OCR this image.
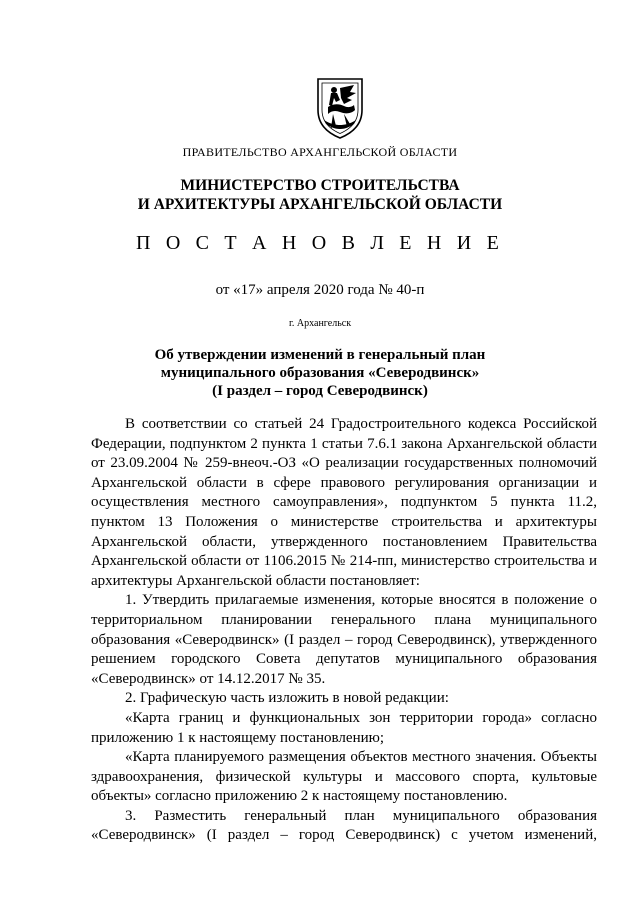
ПРАВИТЕЛЬСТВО АРХАНГЕЛЬСКОЙ ОБЛАСТИ
МИНИСТЕРСТВО СТРОИТЕЛЬСТВА
И АРХИТЕКТУРЫ АРХАНГЕЛЬСКОЙ ОБЛАСТИ
П О С Т А Н О В Л Е Н И Е
от «17» апреля 2020 года № 40-п
г. Архангельск
Об утверждении изменений в генеральный план
муниципального образования «Северодвинск»
(I раздел – город Северодвинск)

В соответствии со статьей 24 Градостроительного кодекса Российской Федерации, подпунктом 2 пункта 1 статьи 7.6.1 закона Архангельской области от 23.09.2004 № 259-внеоч.-ОЗ «О реализации государственных полномочий Архангельской области в сфере правового регулирования организации и осуществления местного самоуправления», подпунктом 5 пункта 11.2, пунктом 13 Положения о министерстве строительства и архитектуры Архангельской области, утвержденного постановлением Правительства Архангельской области от 1106.2015 № 214-пп, министерство строительства и архитектуры Архангельской области постановляет:

1. Утвердить прилагаемые изменения, которые вносятся в положение о территориальном планировании генерального плана муниципального образования «Северодвинск» (I раздел – город Северодвинск), утвержденного решением городского Совета депутатов муниципального образования «Северодвинск» от 14.12.2017 № 35.

2. Графическую часть изложить в новой редакции:

«Карта границ и функциональных зон территории города» согласно приложению 1 к настоящему постановлению;

«Карта планируемого размещения объектов местного значения. Объекты здравоохранения, физической культуры и массового спорта, культовые объекты» согласно приложению 2 к настоящему постановлению.

3. Разместить генеральный план муниципального образования «Северодвинск» (I раздел – город Северодвинск) с учетом изменений,
